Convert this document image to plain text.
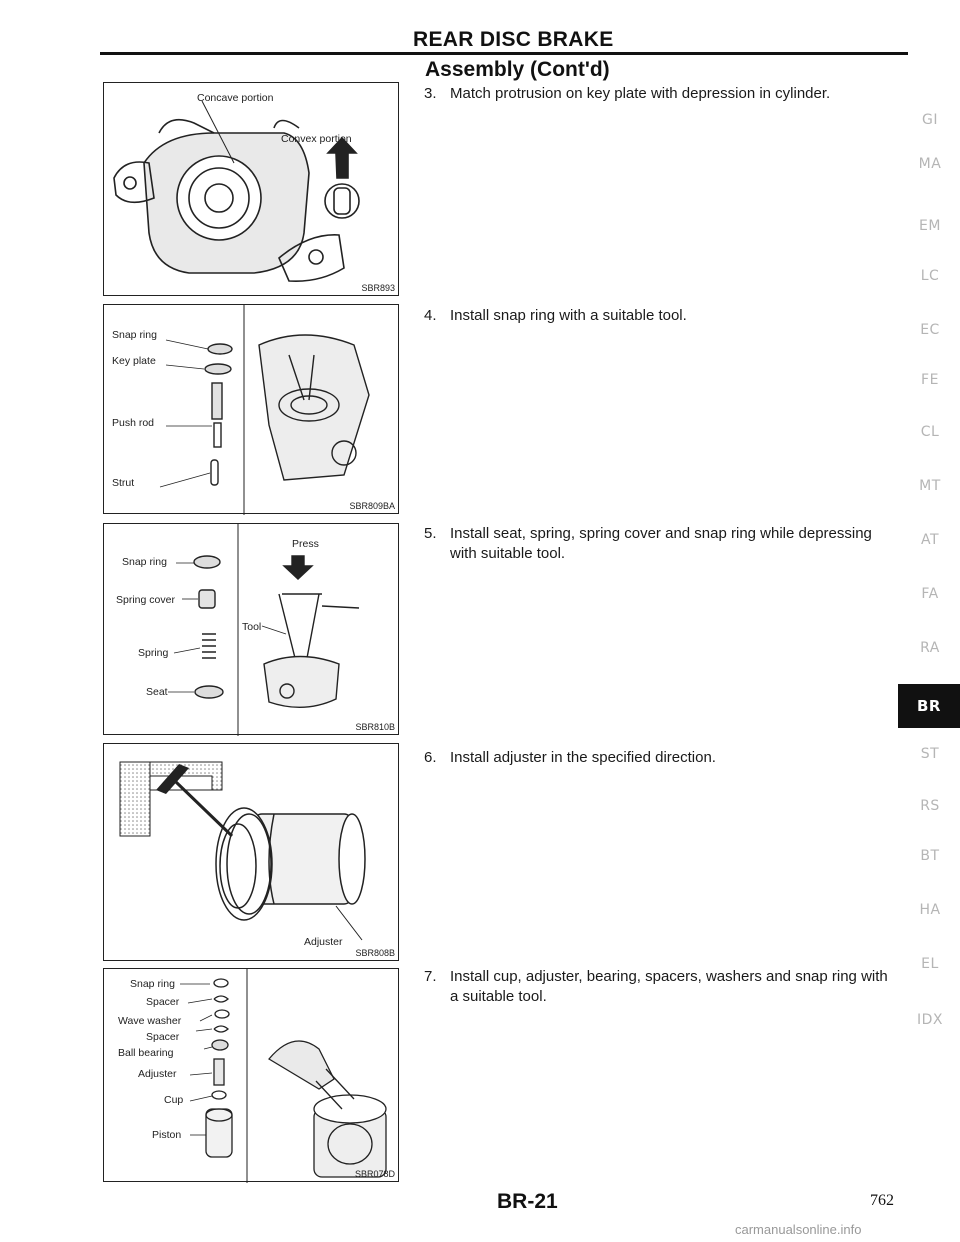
REAR DISC BRAKE
Assembly (Cont'd)
Concave portion
Convex portion
SBR893
Snap ring
Key plate
Push rod
Strut
SBR809BA
Press
Snap ring
Spring cover
Tool
Spring
Seat
SBR810B
Adjuster
SBR808B
Snap ring
Spacer
Wave washer
Spacer
Ball bearing
Adjuster
Cup
Piston
SBR078D
3. Match protrusion on key plate with depression in cylinder.
4. Install snap ring with a suitable tool.
5. Install seat, spring, spring cover and snap ring while depressing with suitable tool.
6. Install adjuster in the specified direction.
7. Install cup, adjuster, bearing, spacers, washers and snap ring with a suitable tool.
GI
MA
EM
LC
EC
FE
CL
MT
AT
FA
RA
BR
ST
RS
BT
HA
EL
IDX
BR-21	762
carmanualsonline.info
